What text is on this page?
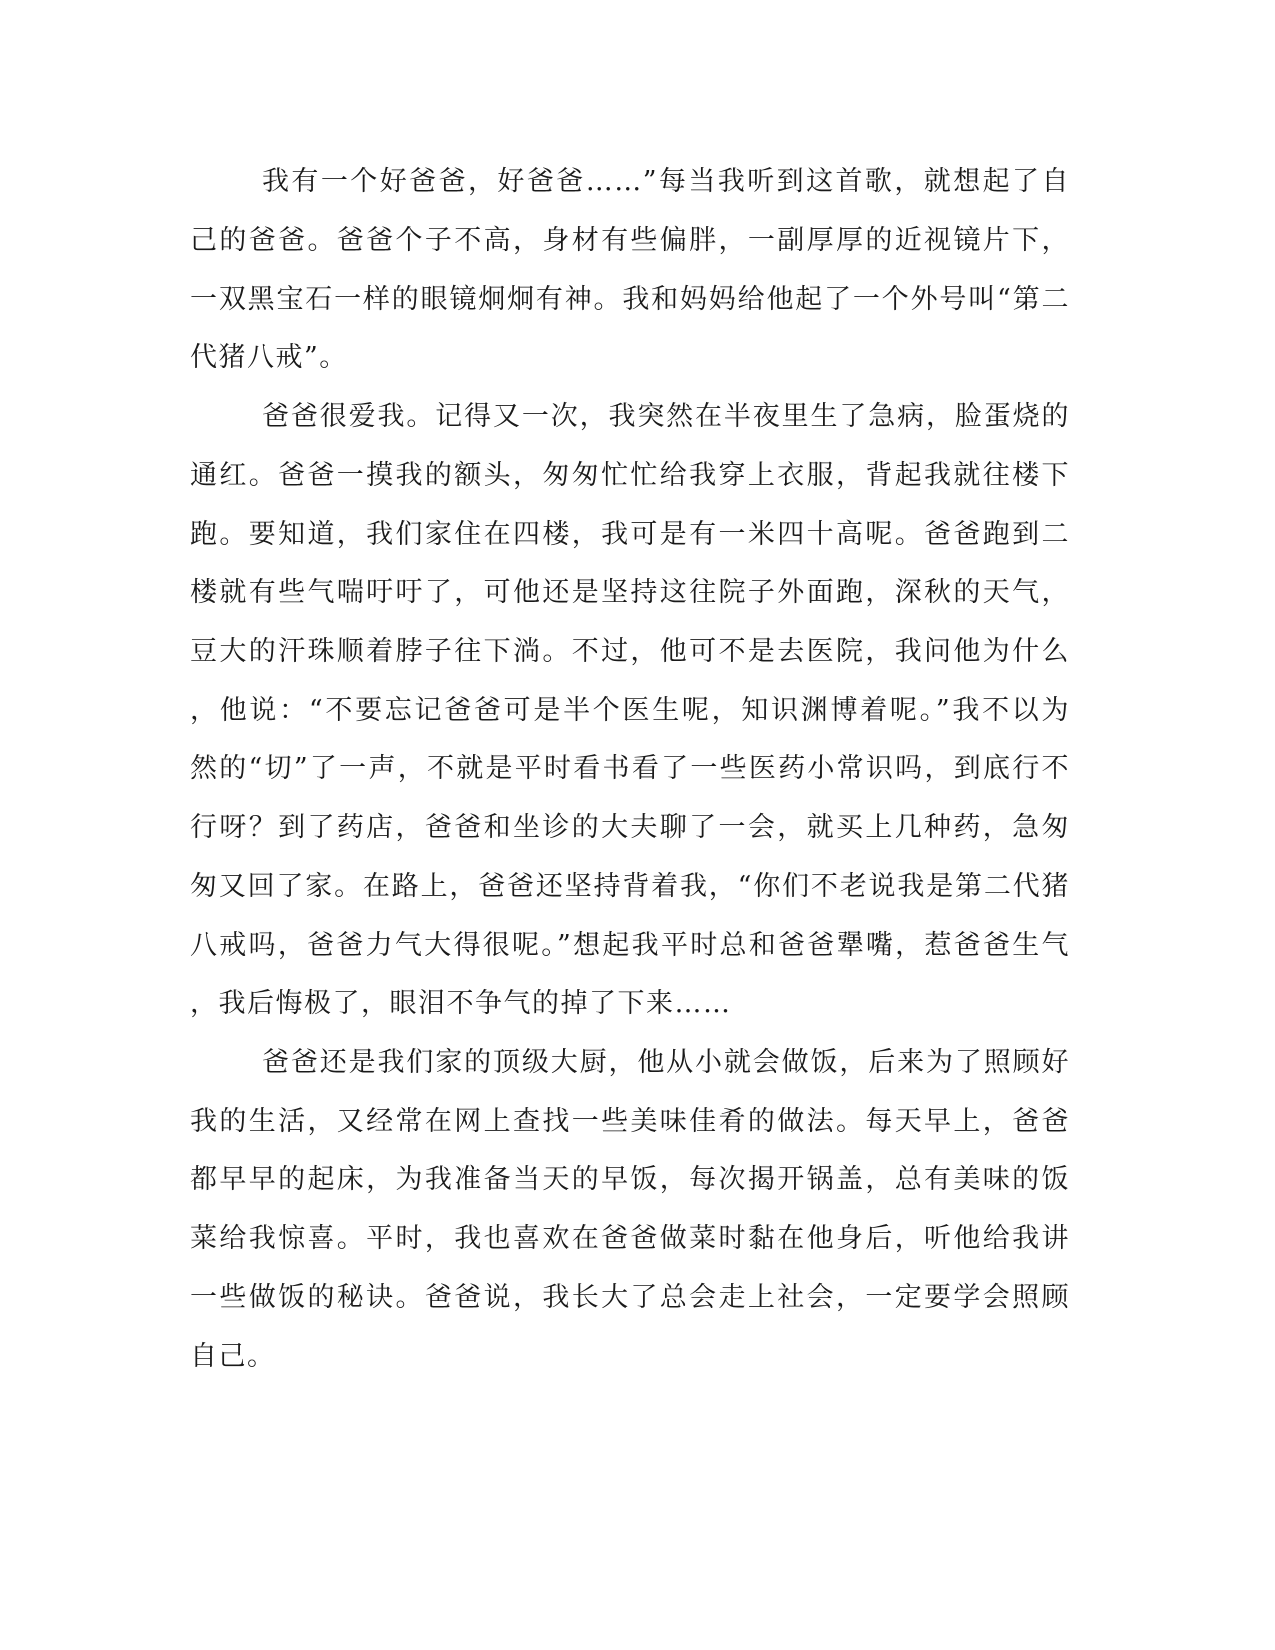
我有一个好爸爸，好爸爸……”每当我听到这首歌，就想起了自
己的爸爸。爸爸个子不高，身材有些偏胖，一副厚厚的近视镜片下，
一双黑宝石一样的眼镜炯炯有神。我和妈妈给他起了一个外号叫“第二
代猪八戒”。
爸爸很爱我。记得又一次，我突然在半夜里生了急病，脸蛋烧的
通红。爸爸一摸我的额头，匆匆忙忙给我穿上衣服，背起我就往楼下
跑。要知道，我们家住在四楼，我可是有一米四十高呢。爸爸跑到二
楼就有些气喘吁吁了，可他还是坚持这往院子外面跑，深秋的天气，
豆大的汗珠顺着脖子往下淌。不过，他可不是去医院，我问他为什么
，他说：“不要忘记爸爸可是半个医生呢，知识渊博着呢。”我不以为
然的“切”了一声，不就是平时看书看了一些医药小常识吗，到底行不
行呀？到了药店，爸爸和坐诊的大夫聊了一会，就买上几种药，急匆
匆又回了家。在路上，爸爸还坚持背着我，“你们不老说我是第二代猪
八戒吗，爸爸力气大得很呢。”想起我平时总和爸爸犟嘴，惹爸爸生气
，我后悔极了，眼泪不争气的掉了下来……
爸爸还是我们家的顶级大厨，他从小就会做饭，后来为了照顾好
我的生活，又经常在网上查找一些美味佳肴的做法。每天早上，爸爸
都早早的起床，为我准备当天的早饭，每次揭开锅盖，总有美味的饭
菜给我惊喜。平时，我也喜欢在爸爸做菜时黏在他身后，听他给我讲
一些做饭的秘诀。爸爸说，我长大了总会走上社会，一定要学会照顾
自己。
